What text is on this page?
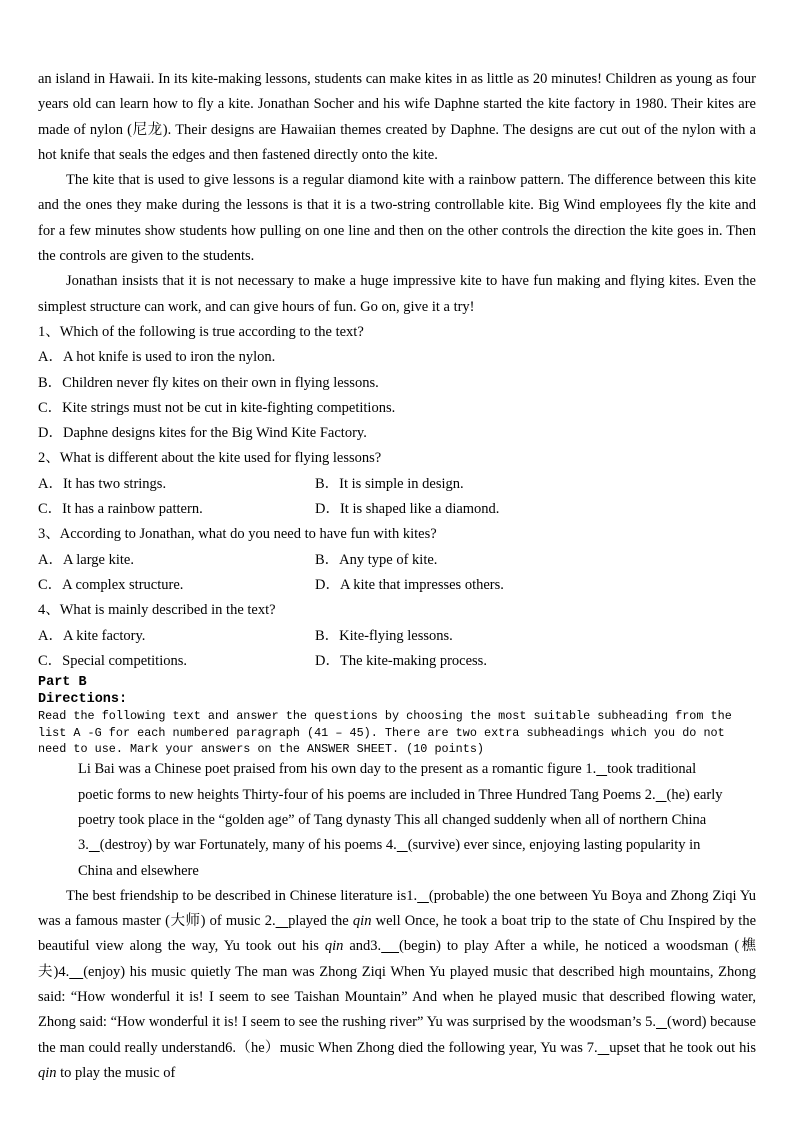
an island in Hawaii. In its kite-making lessons, students can make kites in as little as 20 minutes! Children as young as four years old can learn how to fly a kite. Jonathan Socher and his wife Daphne started the kite factory in 1980. Their kites are made of nylon (尼龙). Their designs are Hawaiian themes created by Daphne. The designs are cut out of the nylon with a hot knife that seals the edges and then fastened directly onto the kite.

The kite that is used to give lessons is a regular diamond kite with a rainbow pattern. The difference between this kite and the ones they make during the lessons is that it is a two-string controllable kite. Big Wind employees fly the kite and for a few minutes show students how pulling on one line and then on the other controls the direction the kite goes in. Then the controls are given to the students.

Jonathan insists that it is not necessary to make a huge impressive kite to have fun making and flying kites. Even the simplest structure can work, and can give hours of fun. Go on, give it a try!

1、Which of the following is true according to the text?

A．A hot knife is used to iron the nylon.

B．Children never fly kites on their own in flying lessons.

C．Kite strings must not be cut in kite-fighting competitions.

D．Daphne designs kites for the Big Wind Kite Factory.

2、What is different about the kite used for flying lessons?

A．It has two strings.	B．It is simple in design.
C．It has a rainbow pattern.	D．It is shaped like a diamond.

3、According to Jonathan, what do you need to have fun with kites?

A．A large kite.	B．Any type of kite.
C．A complex structure.	D．A kite that impresses others.

4、What is mainly described in the text?

A．A kite factory.	B．Kite-flying lessons.
C．Special competitions.	D．The kite-making process.

Part B

Directions:

Read the following text and answer the questions by choosing the most suitable subheading from the list A -G for each numbered paragraph (41 – 45). There are two extra subheadings which you do not need to use. Mark your answers on the ANSWER SHEET. (10 points)

Li Bai was a Chinese poet praised from his own day to the present as a romantic figure 1. took traditional poetic forms to new heights Thirty-four of his poems are included in Three Hundred Tang Poems 2. (he) early poetry took place in the “golden age” of Tang dynasty This all changed suddenly when all of northern China 3. (destroy) by war Fortunately, many of his poems 4. (survive) ever since, enjoying lasting popularity in China and elsewhere

The best friendship to be described in Chinese literature is1. (probable) the one between Yu Boya and Zhong Ziqi Yu was a famous master (大师) of music 2. played the qin well Once, he took a boat trip to the state of Chu Inspired by the beautiful view along the way, Yu took out his qin and3. (begin) to play After a while, he noticed a woodsman (樵夫)4. (enjoy) his music quietly The man was Zhong Ziqi When Yu played music that described high mountains, Zhong said: “How wonderful it is! I seem to see Taishan Mountain” And when he played music that described flowing water, Zhong said: “How wonderful it is! I seem to see the rushing river” Yu was surprised by the woodsman’s 5. (word) because the man could really understand6.（he）music When Zhong died the following year, Yu was 7. upset that he took out his qin to play the music of
